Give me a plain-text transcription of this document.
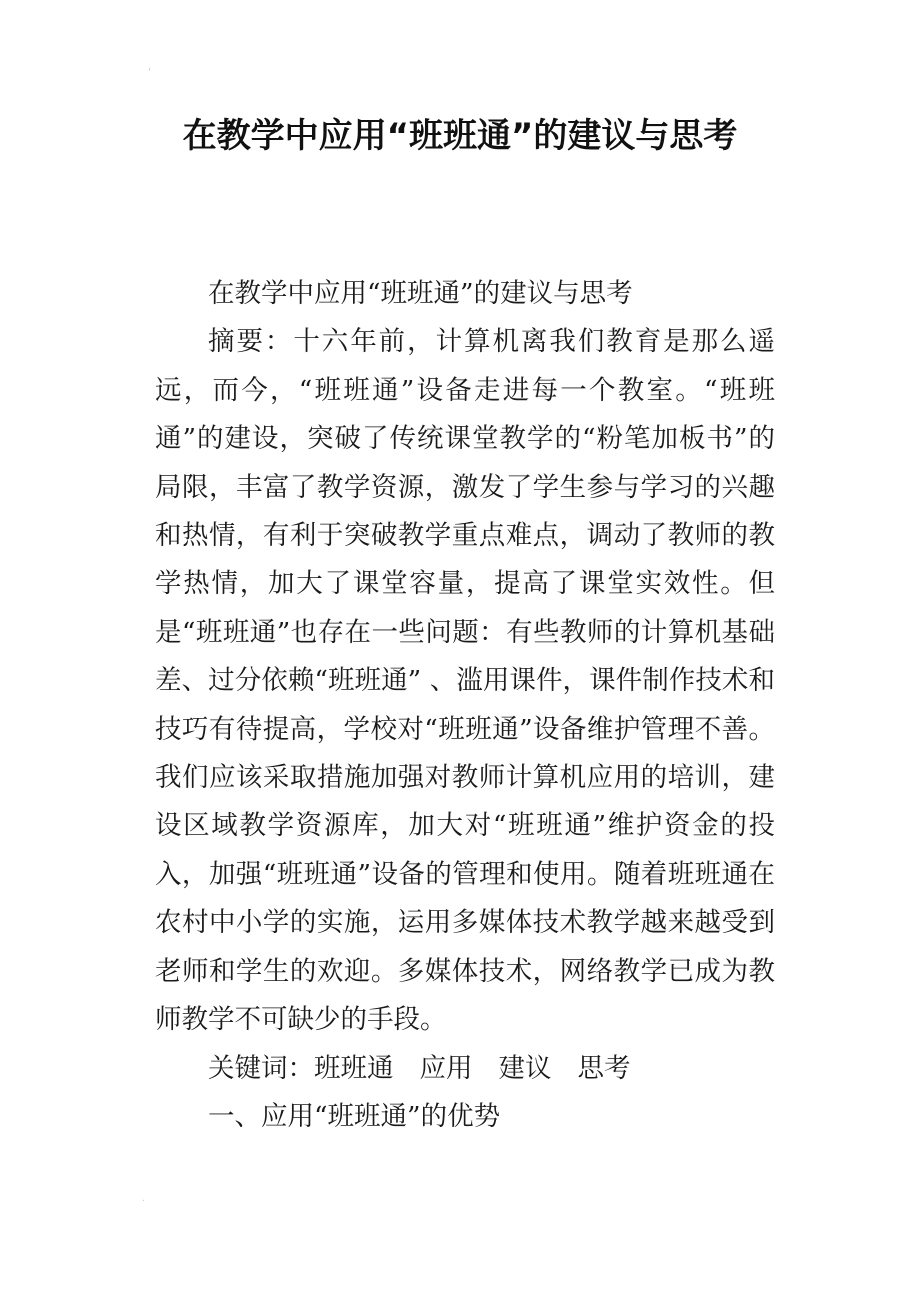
'
在教学中应用“班班通”的建议与思考

在教学中应用“班班通”的建议与思考

摘要：十六年前，计算机离我们教育是那么遥远，而今，“班班通”设备走进每一个教室。“班班通”的建设，突破了传统课堂教学的“粉笔加板书”的局限，丰富了教学资源，激发了学生参与学习的兴趣和热情，有利于突破教学重点难点，调动了教师的教学热情，加大了课堂容量，提高了课堂实效性。但是“班班通”也存在一些问题：有些教师的计算机基础差、过分依赖“班班通” 、滥用课件，课件制作技术和技巧有待提高，学校对“班班通”设备维护管理不善。我们应该采取措施加强对教师计算机应用的培训，建设区域教学资源库，加大对“班班通”维护资金的投入，加强“班班通”设备的管理和使用。随着班班通在农村中小学的实施，运用多媒体技术教学越来越受到老师和学生的欢迎。多媒体技术，网络教学已成为教师教学不可缺少的手段。

关键词：班班通 应用 建议 思考

一、应用“班班通”的优势

.
